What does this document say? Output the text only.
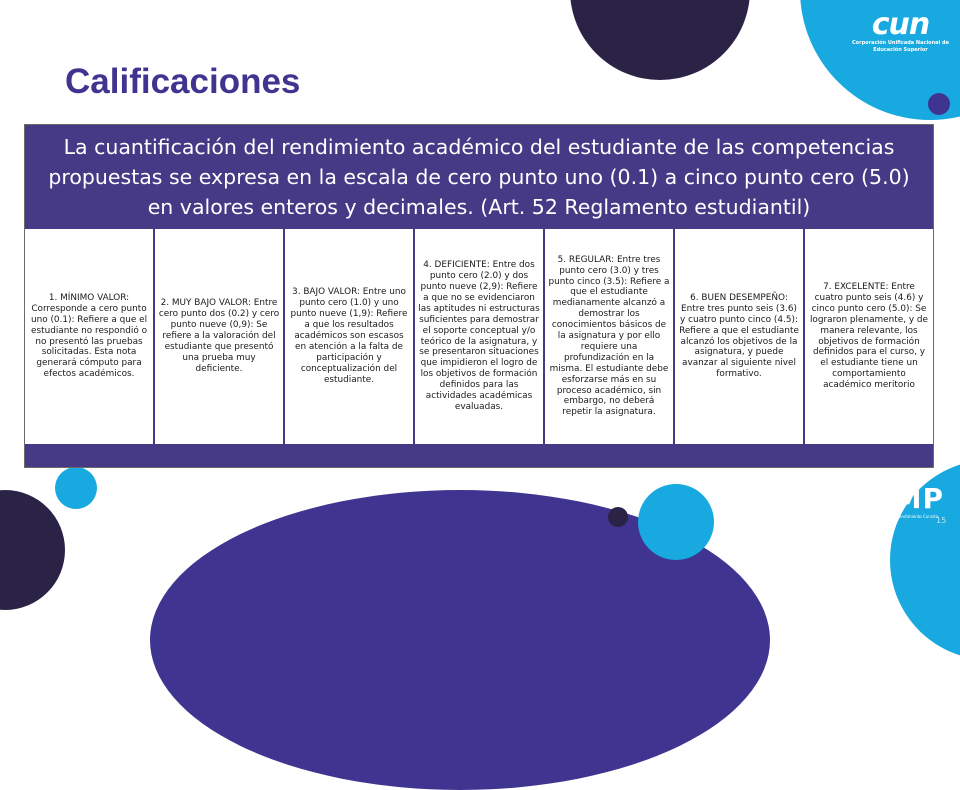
cun
Corporación Unificada Nacional de Educación Superior
Calificaciones
La cuantificación del rendimiento académico del estudiante de las competencias propuestas se expresa en la escala de cero punto uno (0.1) a cinco punto cero (5.0) en valores enteros y decimales. (Art. 52 Reglamento estudiantil)
1. MÍNIMO VALOR: Corresponde a cero punto uno (0.1): Refiere a que el estudiante no respondió o no presentó las pruebas solicitadas. Esta nota generará cómputo para efectos académicos.
2. MUY BAJO VALOR: Entre cero punto dos (0.2) y cero punto nueve (0,9): Se refiere a la valoración del estudiante que presentó una prueba muy deficiente.
3. BAJO VALOR: Entre uno punto cero (1.0) y uno punto nueve (1,9): Refiere a que los resultados académicos son escasos en atención a la falta de participación y conceptualización del estudiante.
4. DEFICIENTE: Entre dos punto cero (2.0) y dos punto nueve (2,9): Refiere a que no se evidenciaron las aptitudes ni estructuras suficientes para demostrar el soporte conceptual y/o teórico de la asignatura, y se presentaron situaciones que impidieron el logro de los objetivos de formación definidos para las actividades académicas evaluadas.
5. REGULAR: Entre tres punto cero (3.0) y tres punto cinco (3.5): Refiere a que el estudiante medianamente alcanzó a demostrar los conocimientos básicos de la asignatura y por ello requiere una profundización en la misma. El estudiante debe esforzarse más en su proceso académico, sin embargo, no deberá repetir la asignatura.
6. BUEN DESEMPEÑO: Entre tres punto seis (3.6) y cuatro punto cinco (4.5): Refiere a que el estudiante alcanzó los objetivos de la asignatura, y puede avanzar al siguiente nivel formativo.
7. EXCELENTE: Entre cuatro punto seis (4.6) y cinco punto cero (5.0): Se lograron plenamente, y de manera relevante, los objetivos de formación definidos para el curso, y el estudiante tiene un comportamiento académico meritorio
CEMP
Biomédicos de Emprendimiento Cunista
15
